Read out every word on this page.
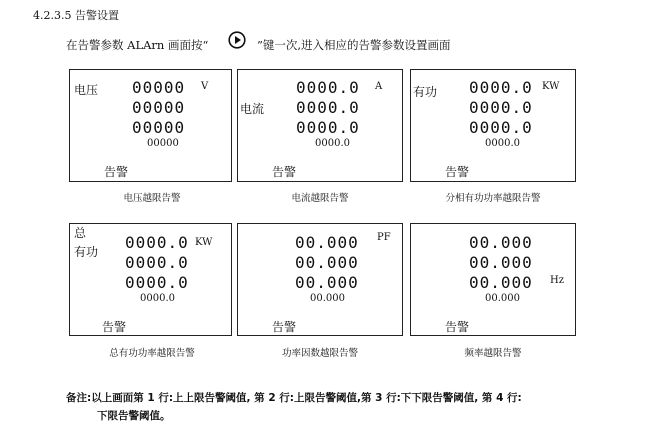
4.2.3.5 告警设置
在告警参数 ALArn 画面按“	”键一次,进入相应的告警参数设置画面
电压	V
00000
00000
00000
00000
告警
电压越限告警
电流
A
0000.0
0000.0
0000.0
0000.0
告警
电流越限告警
有功	KW
0000.0
0000.0
0000.0
0000.0
告警
分相有功功率越限告警
总
有功
KW
0000.0
0000.0
0000.0
0000.0
告警
总有功功率越限告警
PF
00.000
00.000
00.000
00.000
告警
功率因数越限告警
Hz
00.000
00.000
00.000
00.000
告警
频率越限告警
备注:以上画面第 1 行:上上限告警阈值, 第 2 行:上限告警阈值,第 3 行:下下限告警阈值, 第 4 行:
下限告警阈值。
